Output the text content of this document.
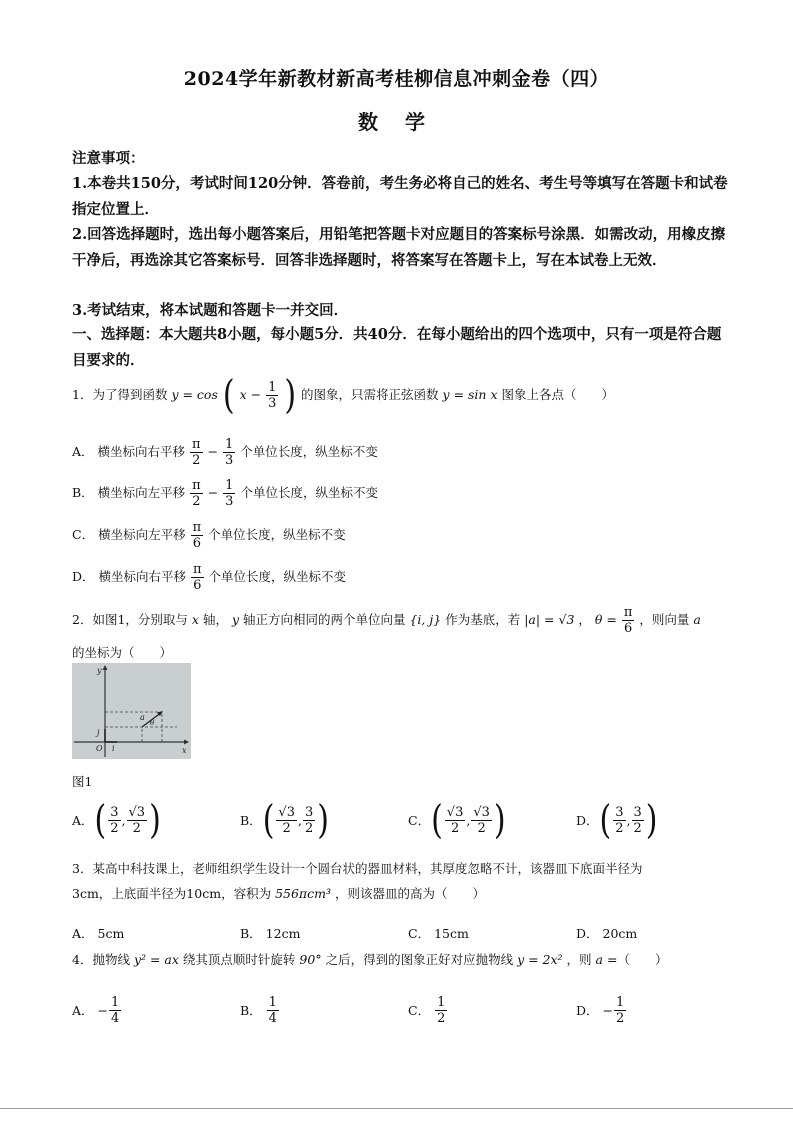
2024学年新教材新高考桂柳信息冲刺金卷（四）
数 学
注意事项：
1.本卷共150分，考试时间120分钟．答卷前，考生务必将自己的姓名、考生号等填写在答题卡和试卷指定位置上．
2.回答选择题时，选出每小题答案后，用铅笔把答题卡对应题目的答案标号涂黑．如需改动，用橡皮擦干净后，再选涂其它答案标号．回答非选择题时，将答案写在答题卡上，写在本试卷上无效．
3.考试结束，将本试题和答题卡一并交回．
一、选择题：本大题共8小题，每小题5分．共40分．在每小题给出的四个选项中，只有一项是符合题目要求的．
1．为了得到函数 y = cos ( $x - \frac{1}{3}$ ) 的图象，只需将正弦函数 y = sin x 图象上各点（　　）
A． 横坐标向右平移 $\frac{\pi}{2} - \frac{1}{3}$ 个单位长度，纵坐标不变
B． 横坐标向左平移 $\frac{\pi}{2} - \frac{1}{3}$ 个单位长度，纵坐标不变
C． 横坐标向左平移 $\frac{\pi}{6}$ 个单位长度，纵坐标不变
D． 横坐标向右平移 $\frac{\pi}{6}$ 个单位长度，纵坐标不变
2．如图1，分别取与 x 轴， y 轴正方向相同的两个单位向量 {i, j} 作为基底，若 |a| = √3 ， $\theta = \frac{\pi}{6}$ ，则向量 a
的坐标为（　　）
y
x
O i
j
a
θ
图1
A． ( $\frac{3}{2}$ , $\frac{√3}{2}$ )	B． ( $\frac{√3}{2}$ , $\frac{3}{2}$ )	C． ( $\frac{√3}{2}$ , $\frac{√3}{2}$ )	D． ( $\frac{3}{2}$ , $\frac{3}{2}$ )
3．某高中科技课上，老师组织学生设计一个圆台状的器皿材料，其厚度忽略不计，该器皿下底面半径为
3cm，上底面半径为10cm，容积为 556πcm³ ，则该器皿的高为（　　）
A．
5cm	B．
12cm	C．
15cm	D．
20cm
4．抛物线 y² = ax 绕其顶点顺时针旋转 90° 之后，得到的图象正好对应抛物线 y = 2x² ，则 a =（　　）
A．
− $\frac{1}{4}$	B．
$\frac{1}{4}$	C．
$\frac{1}{2}$	D．
− $\frac{1}{2}$
